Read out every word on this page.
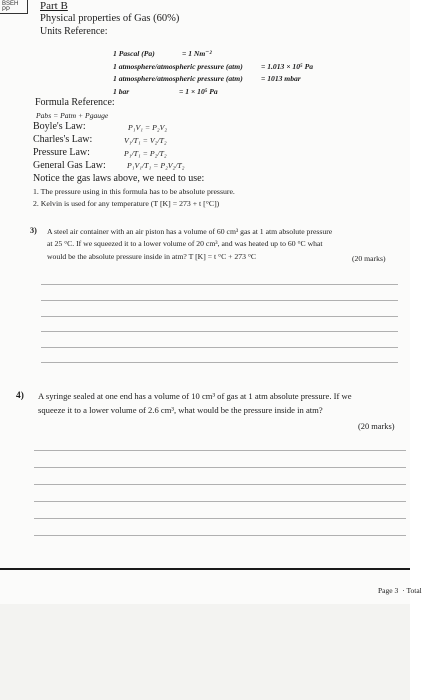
BSEH
PP	Part B
Physical properties of Gas (60%)
Units Reference:
1 Pascal (Pa)	= 1 Nm⁻²
1 atmosphere/atmospheric pressure (atm) = 1.013 × 10⁵ Pa
1 atmosphere/atmospheric pressure (atm) = 1013 mbar
1 bar	= 1 × 10⁵ Pa
Formula Reference:
Pabs = Patm + Pgauge
Boyle's Law:	P₁V₁ = P₂V₂
Charles's Law:	V₁/T₁ = V₂/T₂
Pressure Law:	P₁/T₁ = P₂/T₂
General Gas Law:	P₁V₁/T₁ = P₂V₂/T₂
Notice the gas laws above, we need to use:
1. The pressure using in this formula has to be absolute pressure.
2. Kelvin is used for any temperature (T [K] = 273 + t [°C])
3) A steel air container with an air piston has a volume of 60 cm³ gas at 1 atm absolute pressure
at 25 °C. If we squeezed it to a lower volume of 20 cm³, and was heated up to 60 °C what
would be the absolute pressure inside in atm? T [K] = t °C + 273 °C	(20 marks)
4) A syringe sealed at one end has a volume of 10 cm³ of gas at 1 atm absolute pressure. If we
squeeze it to a lower volume of 2.6 cm³, what would be the pressure inside in atm?
(20 marks)
Page 3 · Total
